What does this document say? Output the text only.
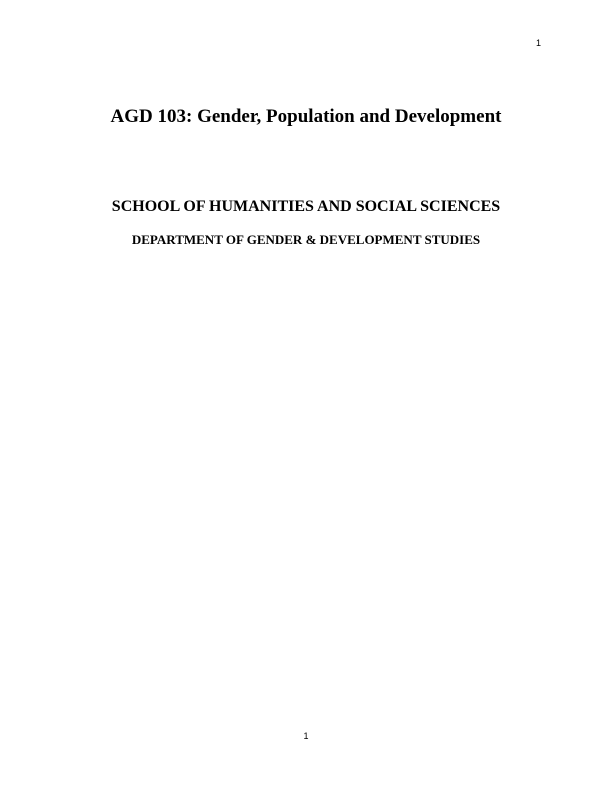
1
AGD 103: Gender, Population and Development
SCHOOL OF HUMANITIES AND SOCIAL SCIENCES
DEPARTMENT OF GENDER & DEVELOPMENT STUDIES
1
